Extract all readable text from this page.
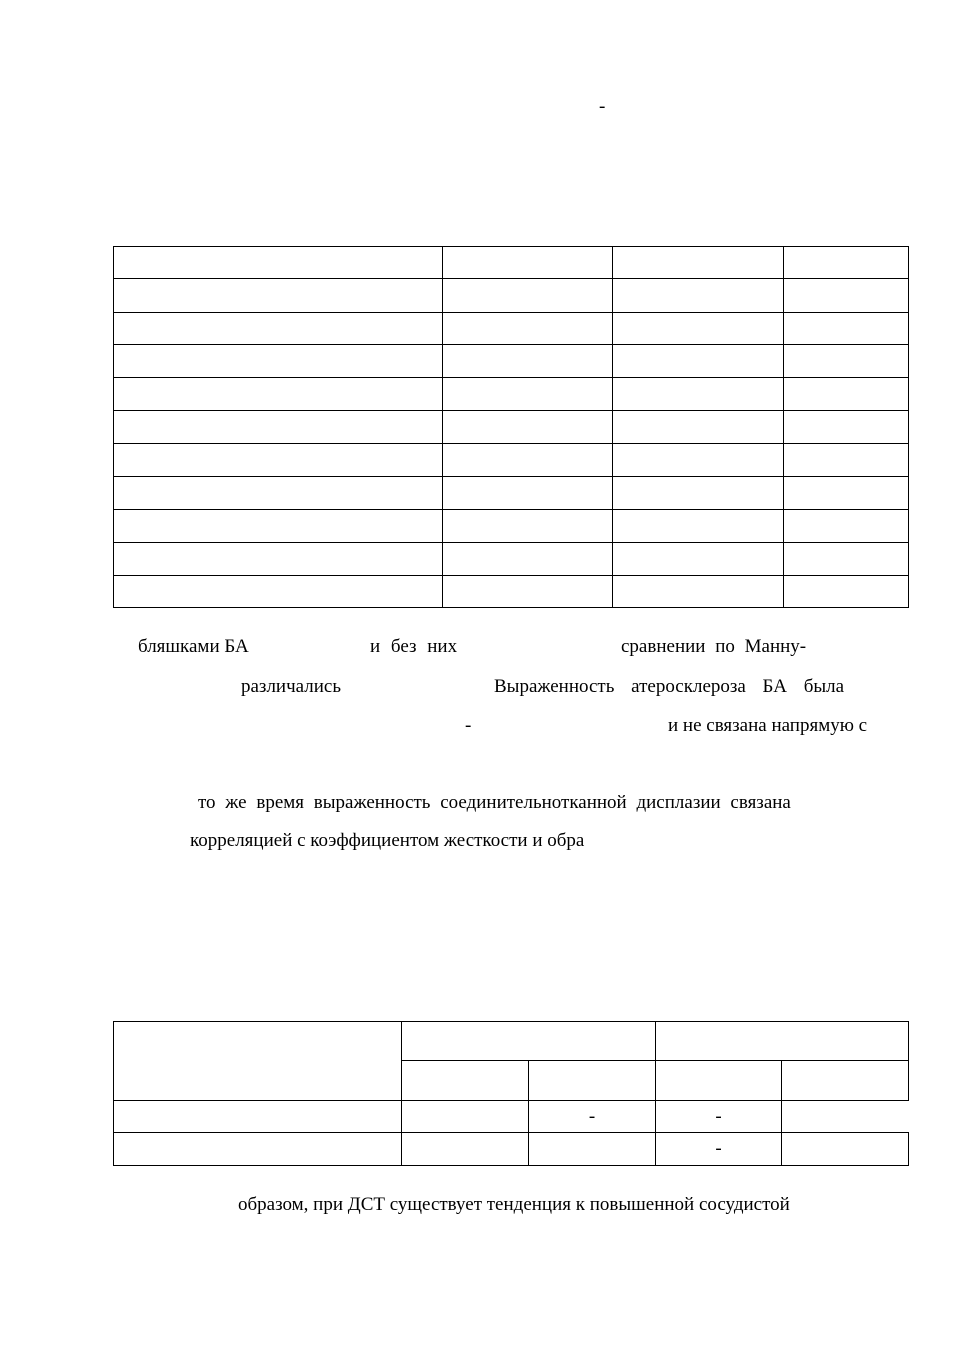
-

бляшками БА	и без них	сравнении по Манну-
различались	Выраженность атеросклероза БА была
-	и не связана напрямую с
то же время выраженность соединительнотканной дисплазии связана
корреляцией с коэффициентом жесткости и обра

		-	-	
			-	
образом, при ДСТ существует тенденция к повышенной сосудистой
